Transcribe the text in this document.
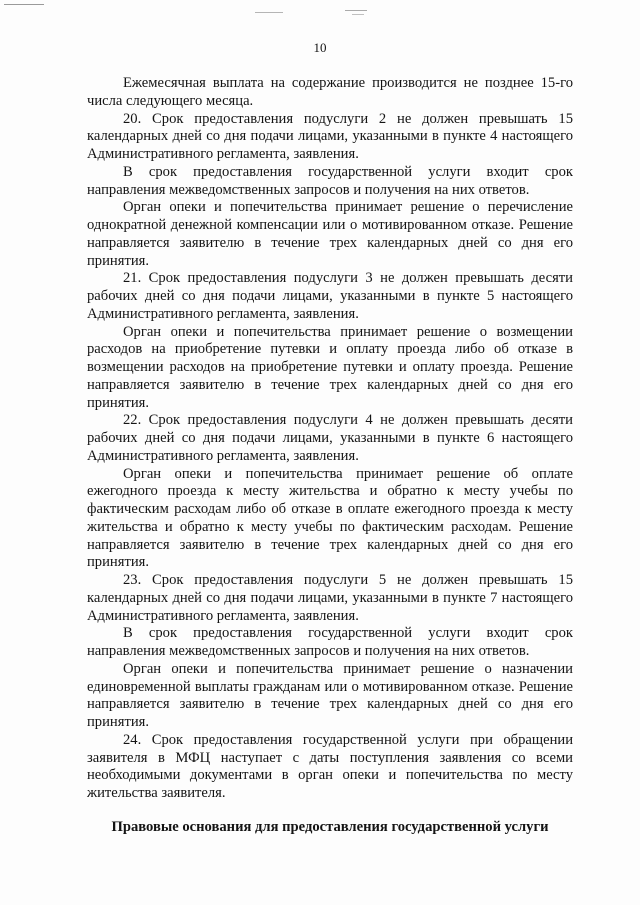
10

Ежемесячная выплата на содержание производится не позднее 15-го числа следующего месяца.

20. Срок предоставления подуслуги 2 не должен превышать 15 календарных дней со дня подачи лицами, указанными в пункте 4 настоящего Административного регламента, заявления.

В срок предоставления государственной услуги входит срок направления межведомственных запросов и получения на них ответов.

Орган опеки и попечительства принимает решение о перечисление однократной денежной компенсации или о мотивированном отказе. Решение направляется заявителю в течение трех календарных дней со дня его принятия.

21. Срок предоставления подуслуги 3 не должен превышать десяти рабочих дней со дня подачи лицами, указанными в пункте 5 настоящего Административного регламента, заявления.

Орган опеки и попечительства принимает решение о возмещении расходов на приобретение путевки и оплату проезда либо об отказе в возмещении расходов на приобретение путевки и оплату проезда. Решение направляется заявителю в течение трех календарных дней со дня его принятия.

22. Срок предоставления подуслуги 4 не должен превышать десяти рабочих дней со дня подачи лицами, указанными в пункте 6 настоящего Административного регламента, заявления.

Орган опеки и попечительства принимает решение об оплате ежегодного проезда к месту жительства и обратно к месту учебы по фактическим расходам либо об отказе в оплате ежегодного проезда к месту жительства и обратно к месту учебы по фактическим расходам. Решение направляется заявителю в течение трех календарных дней со дня его принятия.

23. Срок предоставления подуслуги 5 не должен превышать 15 календарных дней со дня подачи лицами, указанными в пункте 7 настоящего Административного регламента, заявления.

В срок предоставления государственной услуги входит срок направления межведомственных запросов и получения на них ответов.

Орган опеки и попечительства принимает решение о назначении единовременной выплаты гражданам или о мотивированном отказе. Решение направляется заявителю в течение трех календарных дней со дня его принятия.

24. Срок предоставления государственной услуги при обращении заявителя в МФЦ наступает с даты поступления заявления со всеми необходимыми документами в орган опеки и попечительства по месту жительства заявителя.

Правовые основания для предоставления государственной услуги
